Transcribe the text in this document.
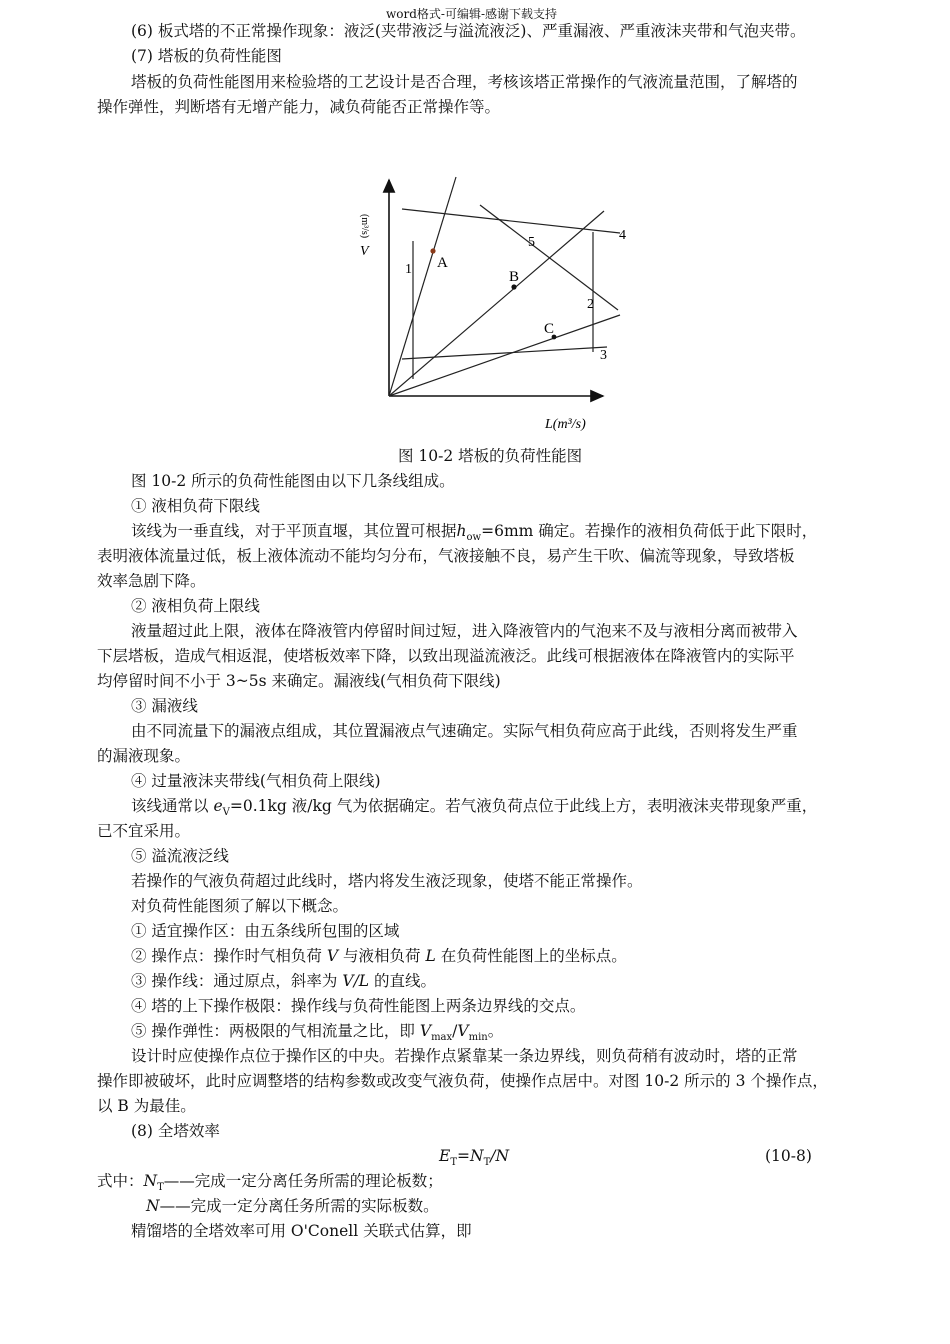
word格式-可编辑-感谢下载支持
(6) 板式塔的不正常操作现象：液泛(夹带液泛与溢流液泛)、严重漏液、严重液沫夹带和气泡夹带。
(7) 塔板的负荷性能图
塔板的负荷性能图用来检验塔的工艺设计是否合理，考核该塔正常操作的气液流量范围，了解塔的
操作弹性，判断塔有无增产能力，减负荷能否正常操作等。
A
B
C
1
2
3
4
5
(m³/s)
V
L(m³/s)
图 10-2 塔板的负荷性能图
图 10-2 所示的负荷性能图由以下几条线组成。
① 液相负荷下限线
该线为一垂直线，对于平顶直堰，其位置可根据$h_{ow}=6mm$ 确定。若操作的液相负荷低于此下限时，
表明液体流量过低，板上液体流动不能均匀分布，气液接触不良，易产生干吹、偏流等现象，导致塔板
效率急剧下降。
② 液相负荷上限线
液量超过此上限，液体在降液管内停留时间过短，进入降液管内的气泡来不及与液相分离而被带入
下层塔板，造成气相返混，使塔板效率下降，以致出现溢流液泛。此线可根据液体在降液管内的实际平
均停留时间不小于 3~5s 来确定。漏液线(气相负荷下限线)
③ 漏液线
由不同流量下的漏液点组成，其位置漏液点气速确定。实际气相负荷应高于此线，否则将发生严重
的漏液现象。
④ 过量液沫夹带线(气相负荷上限线)
该线通常以 $e_V=0.1kg$ 液/kg 气为依据确定。若气液负荷点位于此线上方，表明液沫夹带现象严重，
已不宜采用。
⑤ 溢流液泛线
若操作的气液负荷超过此线时，塔内将发生液泛现象，使塔不能正常操作。
对负荷性能图须了解以下概念。
① 适宜操作区：由五条线所包围的区域
② 操作点：操作时气相负荷 V 与液相负荷 L 在负荷性能图上的坐标点。
③ 操作线：通过原点，斜率为 V/L 的直线。
④ 塔的上下操作极限：操作线与负荷性能图上两条边界线的交点。
⑤ 操作弹性：两极限的气相流量之比，即 $V_{max}/V_{min}$。
设计时应使操作点位于操作区的中央。若操作点紧靠某一条边界线，则负荷稍有波动时，塔的正常
操作即被破坏，此时应调整塔的结构参数或改变气液负荷，使操作点居中。对图 10-2 所示的 3 个操作点，
以 B 为最佳。
(8) 全塔效率
$E_T=N_T/N$	(10-8)
式中：$N_T——$完成一定分离任务所需的理论板数；
N——完成一定分离任务所需的实际板数。
精馏塔的全塔效率可用 O'Conell 关联式估算，即
